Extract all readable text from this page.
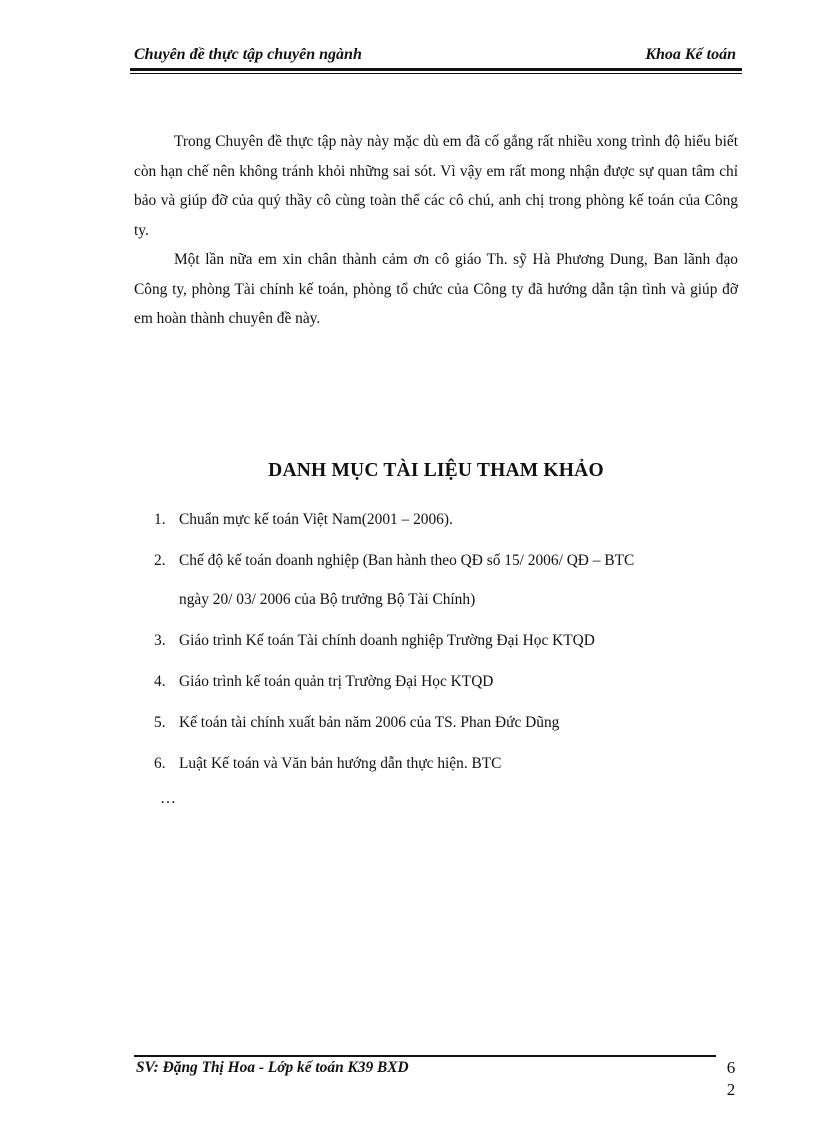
Chuyên đề thực tập chuyên ngành	Khoa Kế toán

Trong Chuyên đề thực tập này này mặc dù em đã cố gắng rất nhiều xong trình độ hiểu biết còn hạn chế nên không tránh khỏi những sai sót. Vì vậy em rất mong nhận được sự quan tâm chỉ bảo và giúp đỡ của quý thầy cô cùng toàn thể các cô chú, anh chị trong phòng kế toán của Công ty.

Một lần nữa em xin chân thành cảm ơn cô giáo Th. sỹ Hà Phương Dung, Ban lãnh đạo Công ty, phòng Tài chính kế toán, phòng tổ chức của Công ty đã hướng dẫn tận tình và giúp đỡ em hoàn thành chuyên đề này.

DANH MỤC TÀI LIỆU THAM KHẢO
1. Chuẩn mực kế toán Việt Nam(2001 – 2006).
2. Chế độ kế toán doanh nghiệp (Ban hành theo QĐ số 15/ 2006/ QĐ – BTC
ngày 20/ 03/ 2006 của Bộ trưởng Bộ Tài Chính)
3. Giáo trình Kế toán Tài chính doanh nghiệp Trường Đại Học KTQD
4. Giáo trình kế toán quản trị Trường Đại Học KTQD
5. Kế toán tài chính xuất bản năm 2006 của TS. Phan Đức Dũng
6. Luật Kế toán và Văn bản hướng dẫn thực hiện. BTC
…
SV: Đặng Thị Hoa - Lớp kế toán K39 BXD	6
2
